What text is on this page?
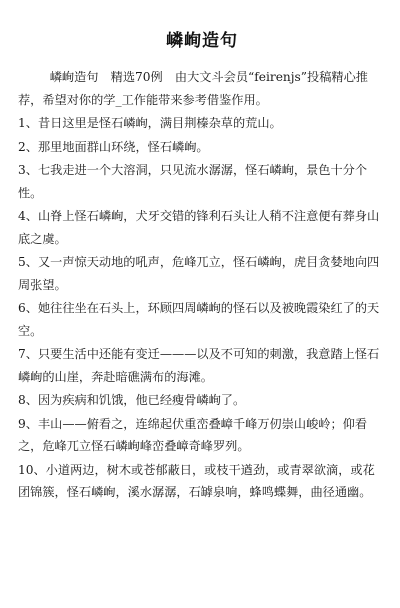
嶙峋造句

嶙峋造句　精选70例　由大文斗会员“feirenjs”投稿精心推荐，希望对你的学_工作能带来参考借鉴作用。

1、昔日这里是怪石嶙峋，满目荆榛杂草的荒山。

2、那里地面群山环绕，怪石嶙峋。

3、七我走进一个大溶洞，只见流水潺潺，怪石嶙峋，景色十分个性。

4、山脊上怪石嶙峋，犬牙交错的锋利石头让人稍不注意便有葬身山底之虞。

5、又一声惊天动地的吼声，危峰兀立，怪石嶙峋，虎目贪婪地向四周张望。

6、她往往坐在石头上，环顾四周嶙峋的怪石以及被晚霞染红了的天空。

7、只要生活中还能有变迁———以及不可知的刺激，我意踏上怪石嶙峋的山崖，奔赴暗礁满布的海滩。

8、因为疾病和饥饿，他已经瘦骨嶙峋了。

9、丰山——俯看之，连绵起伏重峦叠嶂千峰万仞崇山峻岭；仰看之，危峰兀立怪石嶙峋峰峦叠嶂奇峰罗列。

10、小道两边，树木或苍郁蔽日，或枝干遒劲，或青翠欲滴，或花团锦簇，怪石嶙峋，溪水潺潺，石罅泉响，蜂鸣蝶舞，曲径通幽。
